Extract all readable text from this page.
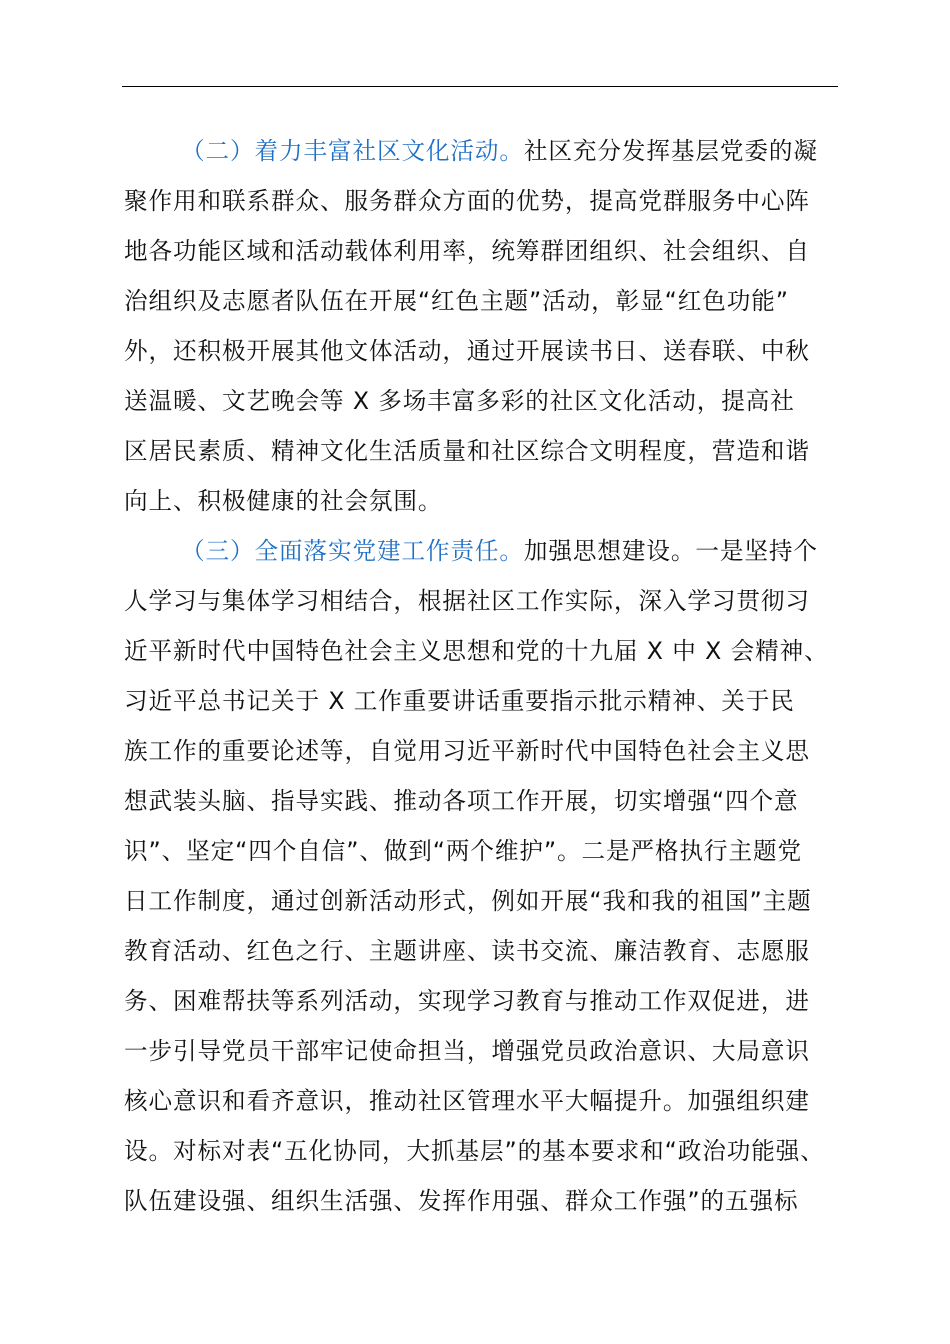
（二）着力丰富社区文化活动。社区充分发挥基层党委的凝
聚作用和联系群众、服务群众方面的优势，提高党群服务中心阵
地各功能区域和活动载体利用率，统筹群团组织、社会组织、自
治组织及志愿者队伍在开展“红色主题”活动，彰显“红色功能”
外，还积极开展其他文体活动，通过开展读书日、送春联、中秋
送温暖、文艺晚会等 X 多场丰富多彩的社区文化活动，提高社
区居民素质、精神文化生活质量和社区综合文明程度，营造和谐
向上、积极健康的社会氛围。
（三）全面落实党建工作责任。加强思想建设。一是坚持个
人学习与集体学习相结合，根据社区工作实际，深入学习贯彻习
近平新时代中国特色社会主义思想和党的十九届 X 中 X 会精神、
习近平总书记关于 X 工作重要讲话重要指示批示精神、关于民
族工作的重要论述等，自觉用习近平新时代中国特色社会主义思
想武装头脑、指导实践、推动各项工作开展，切实增强“四个意
识”、坚定“四个自信”、做到“两个维护”。二是严格执行主题党
日工作制度，通过创新活动形式，例如开展“我和我的祖国”主题
教育活动、红色之行、主题讲座、读书交流、廉洁教育、志愿服
务、困难帮扶等系列活动，实现学习教育与推动工作双促进，进
一步引导党员干部牢记使命担当，增强党员政治意识、大局意识
核心意识和看齐意识，推动社区管理水平大幅提升。加强组织建
设。对标对表“五化协同，大抓基层”的基本要求和“政治功能强、
队伍建设强、组织生活强、发挥作用强、群众工作强”的五强标
